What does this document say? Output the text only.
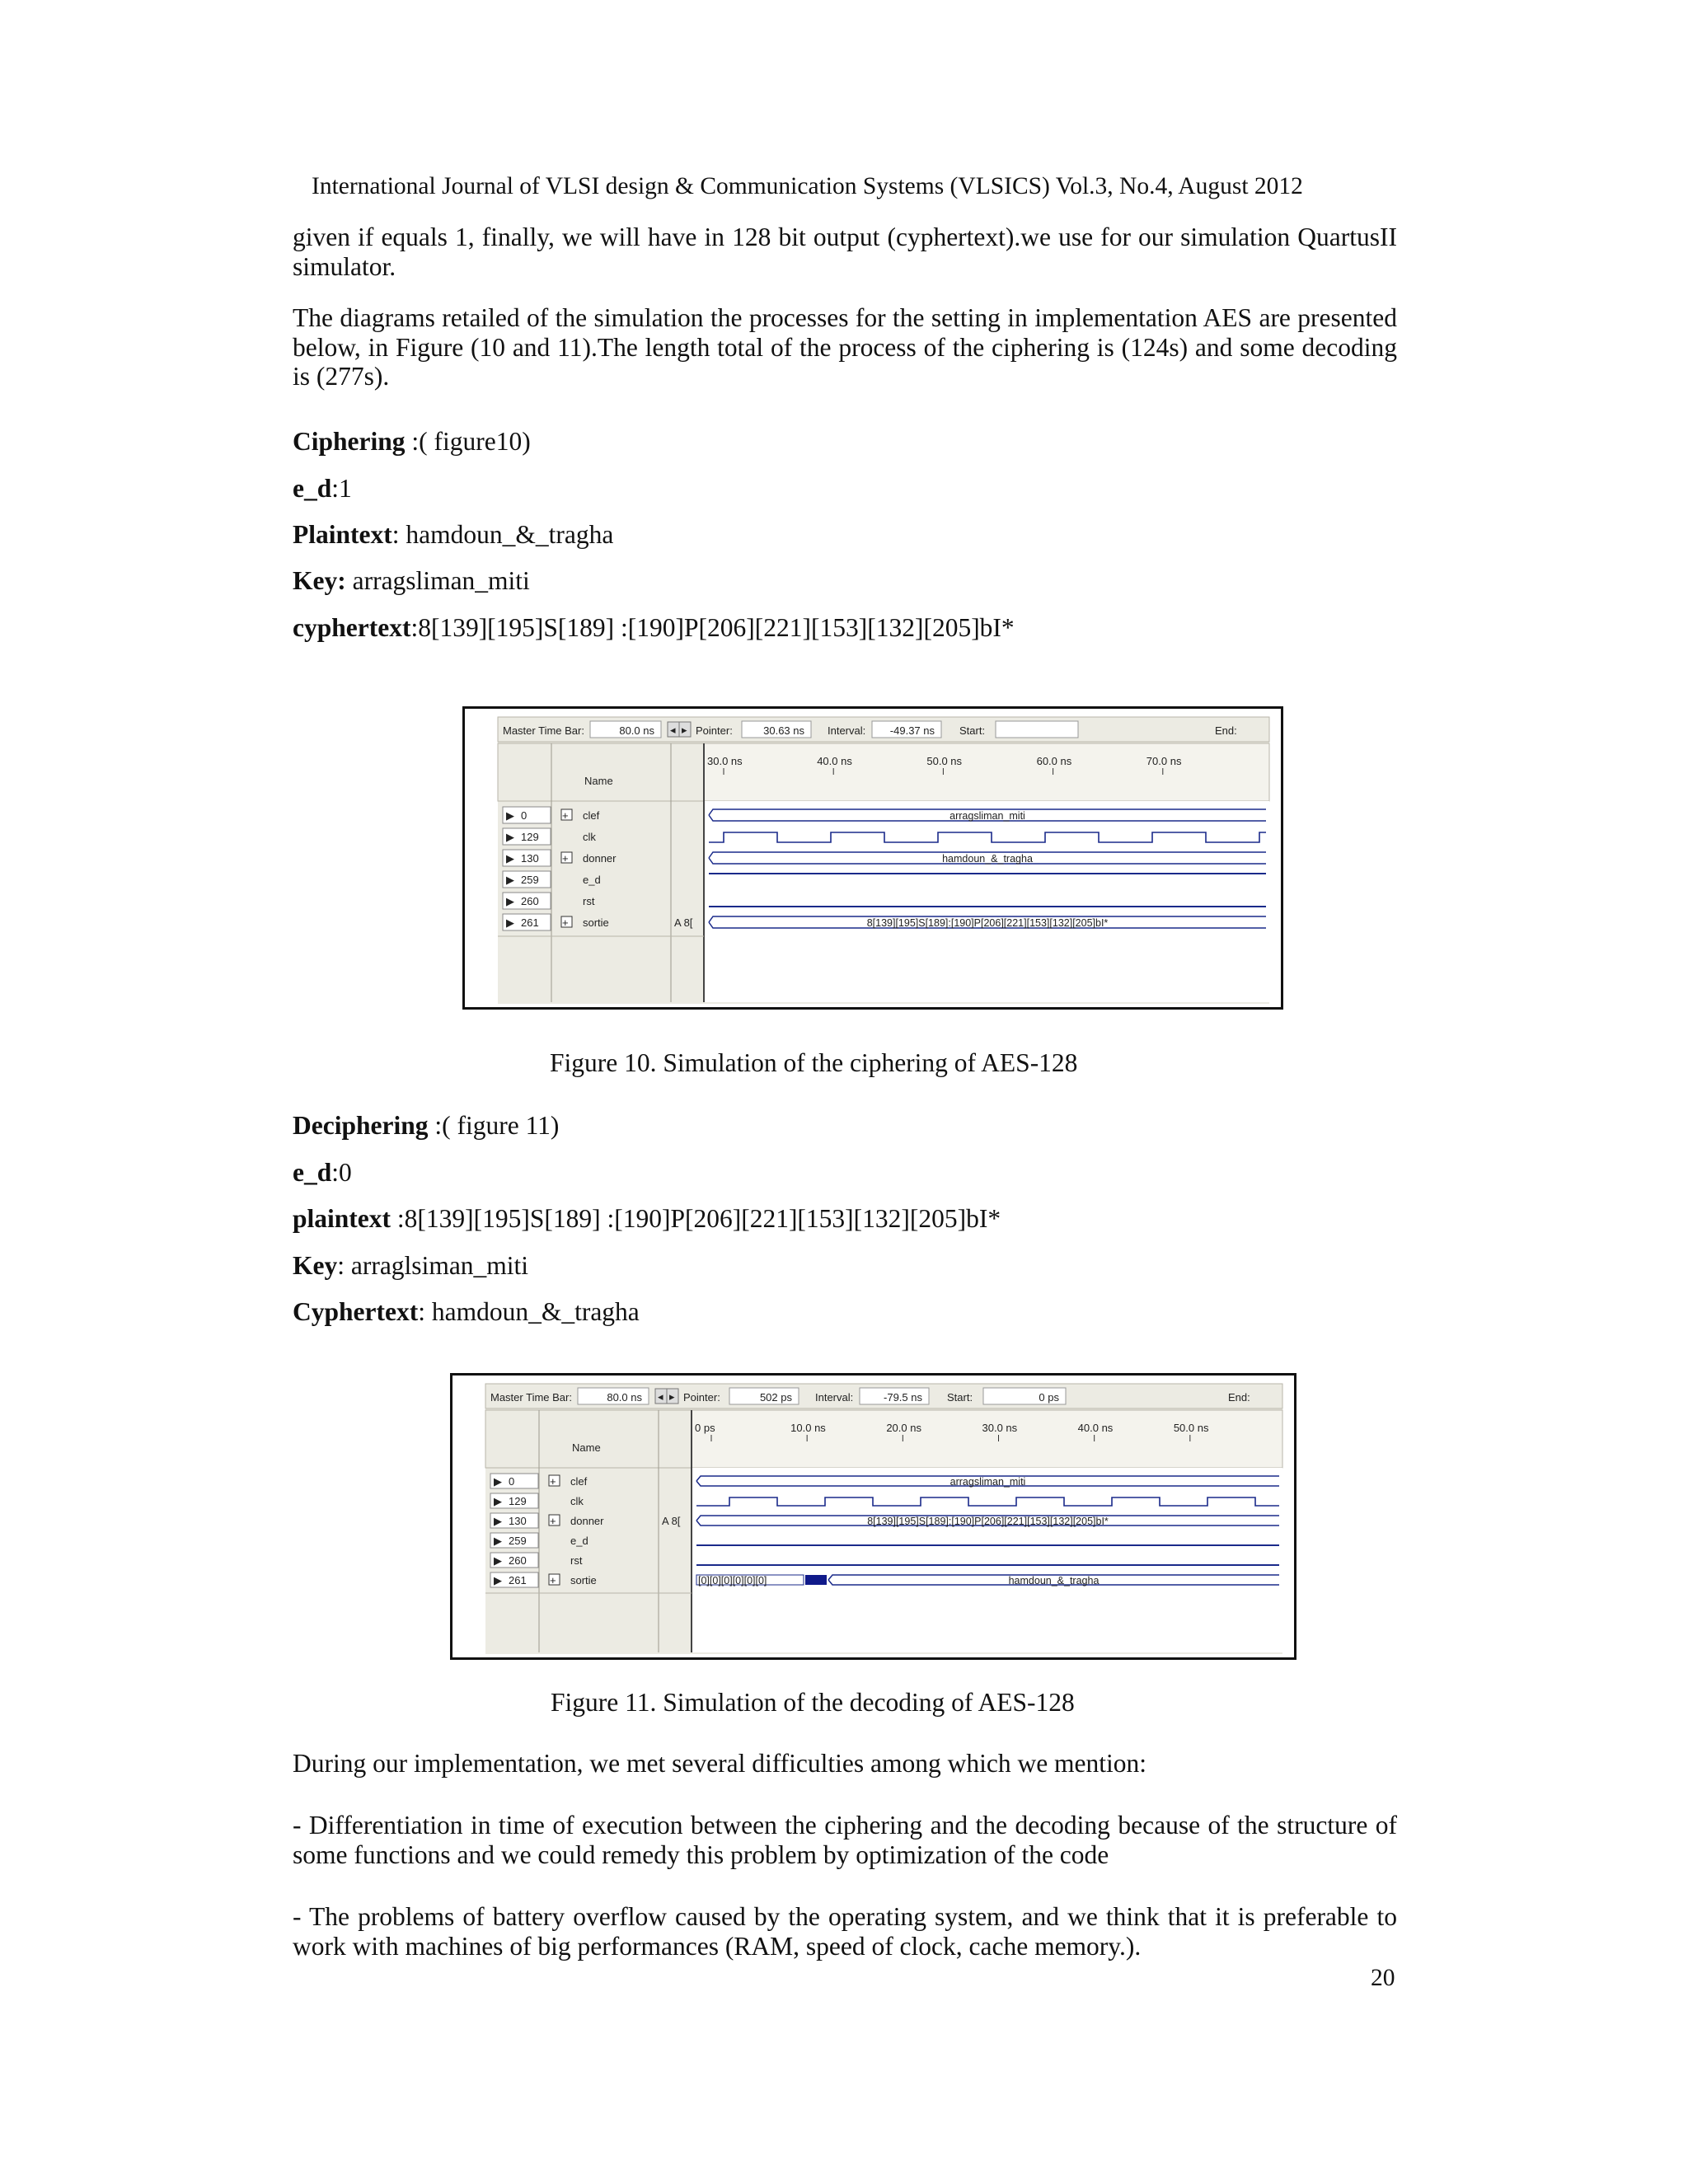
International Journal of VLSI design & Communication Systems (VLSICS) Vol.3, No.4, August 2012

given if equals 1, finally, we will have in 128 bit output (cyphertext).we use for our simulation QuartusII simulator.

The diagrams retailed of the simulation the processes for the setting in implementation AES are presented below, in Figure (10 and 11).The length total of the process of the ciphering is (124s) and some decoding is (277s).

Ciphering :( figure10)
e_d:1
Plaintext: hamdoun_&_tragha
Key: arragsliman_miti
cyphertext:8[139][195]S[189] :[190]P[206][221][153][132][205]bI*
Master Time Bar:	80.0 ns ◂ ▸ Pointer:	30.63 ns Interval: -49.37 ns Start:	End:
Name
30.0 ns	40.0 ns	50.0 ns	60.0 ns	70.0 ns
▶ 0	+ clef	arragsliman_miti
▶ 129	clk
▶ 130 + donner	hamdoun_&_tragha
▶ 259	e_d
▶ 260	rst
▶ 261 + sortie	A 8[	8[139][195]S[189]:[190]P[206][221][153][132][205]bI*
Figure 10. Simulation of the ciphering of AES-128
Deciphering :( figure 11)
e_d:0
plaintext :8[139][195]S[189] :[190]P[206][221][153][132][205]bI*
Key: arraglsiman_miti
Cyphertext: hamdoun_&_tragha
Master Time Bar:	80.0 ns ◂ ▸ Pointer:	502 ps Interval:	-79.5 ns Start:	0 ps	End:
Name
0 ps	10.0 ns	20.0 ns	30.0 ns	40.0 ns	50.0 ns
▶ 0	+ clef	arragsliman_miti
▶ 129	clk
▶ 130 + donner	A 8[	8[139][195]S[189]:[190]P[206][221][153][132][205]bI*
▶ 259	e_d
▶ 260	rst
▶ 261 + sortie	[0][0][0][0][0][0]	hamdoun_&_tragha
Figure 11. Simulation of the decoding of AES-128

During our implementation, we met several difficulties among which we mention:

- Differentiation in time of execution between the ciphering and the decoding because of the structure of some functions and we could remedy this problem by optimization of the code

- The problems of battery overflow caused by the operating system, and we think that it is preferable to work with machines of big performances (RAM, speed of clock, cache memory.).

20
